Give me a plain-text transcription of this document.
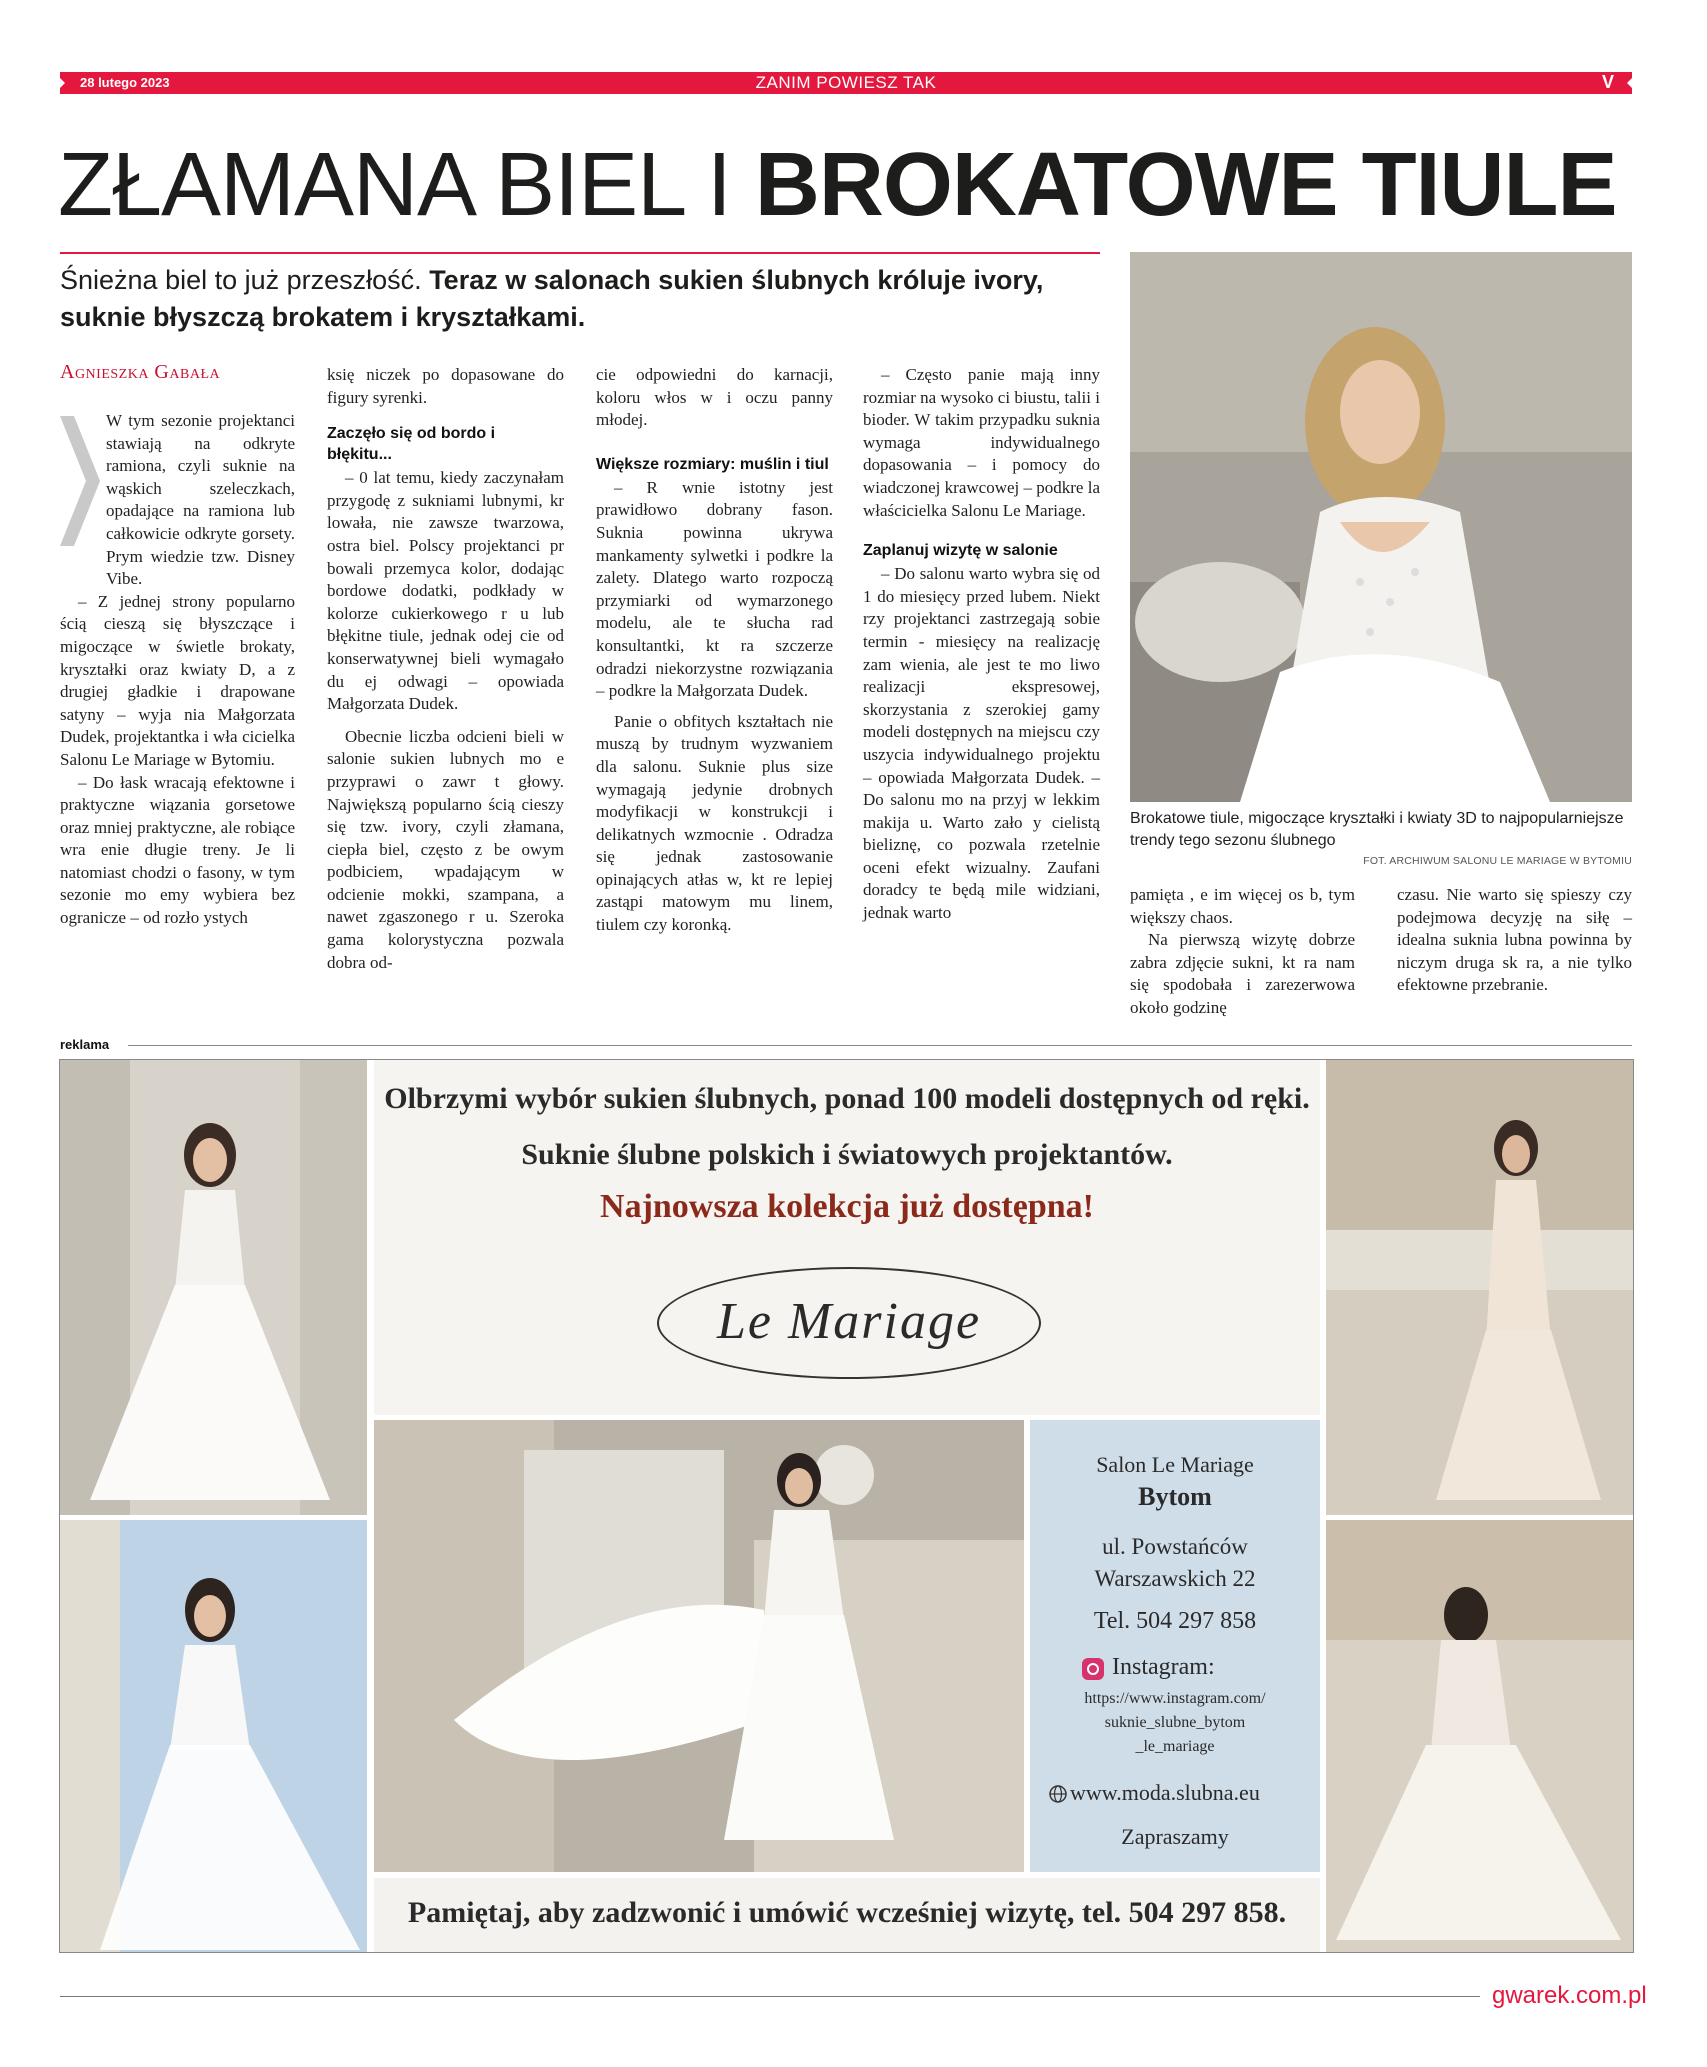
28 lutego 2023	ZANIM POWIESZ TAK	V
ZŁAMANA BIEL I BROKATOWE TIULE
Śnieżna biel to już przeszłość. Teraz w salonach sukien ślubnych króluje ivory, suknie błyszczą brokatem i kryształkami.
Agnieszka Gabała

W tym sezonie projektanci stawiają na odkryte ramiona, czyli suknie na wąskich szeleczkach, opadające na ramiona lub całkowicie odkryte gorsety. Prym wiedzie tzw. Disney Vibe.

– Z jednej strony popularno ścią cieszą się błyszczące i migoczące w świetle brokaty, kryształki oraz kwiaty D, a z drugiej gładkie i drapowane satyny – wyja nia Małgorzata Dudek, projektantka i wła cicielka Salonu Le Mariage w Bytomiu.

– Do łask wracają efektowne i praktyczne wiązania gorsetowe oraz mniej praktyczne, ale robiące wra enie długie treny. Je li natomiast chodzi o fasony, w tym sezonie mo emy wybiera bez ogranicze – od rozło ystych

księ niczek po dopasowane do figury syrenki.

Zaczęło się od bordo i błękitu...

– 0 lat temu, kiedy zaczynałam przygodę z sukniami lubnymi, kr lowała, nie zawsze twarzowa, ostra biel. Polscy projektanci pr bowali przemyca kolor, dodając bordowe dodatki, podkłady w kolorze cukierkowego r u lub błękitne tiule, jednak odej cie od konserwatywnej bieli wymagało du ej odwagi – opowiada Małgorzata Dudek.

Obecnie liczba odcieni bieli w salonie sukien lubnych mo e przyprawi o zawr t głowy. Największą popularno ścią cieszy się tzw. ivory, czyli złamana, ciepła biel, często z be owym podbiciem, wpadającym w odcienie mokki, szampana, a nawet zgaszonego r u. Szeroka gama kolorystyczna pozwala dobra od-

cie odpowiedni do karnacji, koloru włos w i oczu panny młodej.

Większe rozmiary: muślin i tiul

– R wnie istotny jest prawidłowo dobrany fason. Suknia powinna ukrywa mankamenty sylwetki i podkre la zalety. Dlatego warto rozpoczą przymiarki od wymarzonego modelu, ale te słucha rad konsultantki, kt ra szczerze odradzi niekorzystne rozwiązania – podkre la Małgorzata Dudek.

Panie o obfitych kształtach nie muszą by trudnym wyzwaniem dla salonu. Suknie plus size wymagają jedynie drobnych modyfikacji w konstrukcji i delikatnych wzmocnie . Odradza się jednak zastosowanie opinających atłas w, kt re lepiej zastąpi matowym mu linem, tiulem czy koronką.

– Często panie mają inny rozmiar na wysoko ci biustu, talii i bioder. W takim przypadku suknia wymaga indywidualnego dopasowania – i pomocy do wiadczonej krawcowej – podkre la właścicielka Salonu Le Mariage.

Zaplanuj wizytę w salonie

– Do salonu warto wybra się od 1 do miesięcy przed lubem. Niekt rzy projektanci zastrzegają sobie termin - miesięcy na realizację zam wienia, ale jest te mo liwo realizacji ekspresowej, skorzystania z szerokiej gamy modeli dostępnych na miejscu czy uszycia indywidualnego projektu – opowiada Małgorzata Dudek. – Do salonu mo na przyj w lekkim makija u. Warto zało y cielistą bieliznę, co pozwala rzetelnie oceni efekt wizualny. Zaufani doradcy te będą mile widziani, jednak warto

pamięta , e im więcej os b, tym większy chaos.

Na pierwszą wizytę dobrze zabra zdjęcie sukni, kt ra nam się spodobała i zarezerwowa około godzinę

czasu. Nie warto się spieszy czy podejmowa decyzję na siłę – idealna suknia lubna powinna by niczym druga sk ra, a nie tylko efektowne przebranie.

Brokatowe tiule, migoczące kryształki i kwiaty 3D to najpopularniejsze trendy tego sezonu ślubnego
FOT. ARCHIWUM SALONU LE MARIAGE W BYTOMIU
reklama
Olbrzymi wybór sukien ślubnych, ponad 100 modeli dostępnych od ręki.
Suknie ślubne polskich i światowych projektantów.
Najnowsza kolekcja już dostępna!
Le Mariage
Salon Le Mariage
Bytom
ul. Powstańców
Warszawskich 22
Tel. 504 297 858
Instagram:
https://www.instagram.com/
suknie_slubne_bytom
_le_mariage
www.moda.slubna.eu
Zapraszamy
Pamiętaj, aby zadzwonić i umówić wcześniej wizytę, tel. 504 297 858.
gwarek.com.pl
